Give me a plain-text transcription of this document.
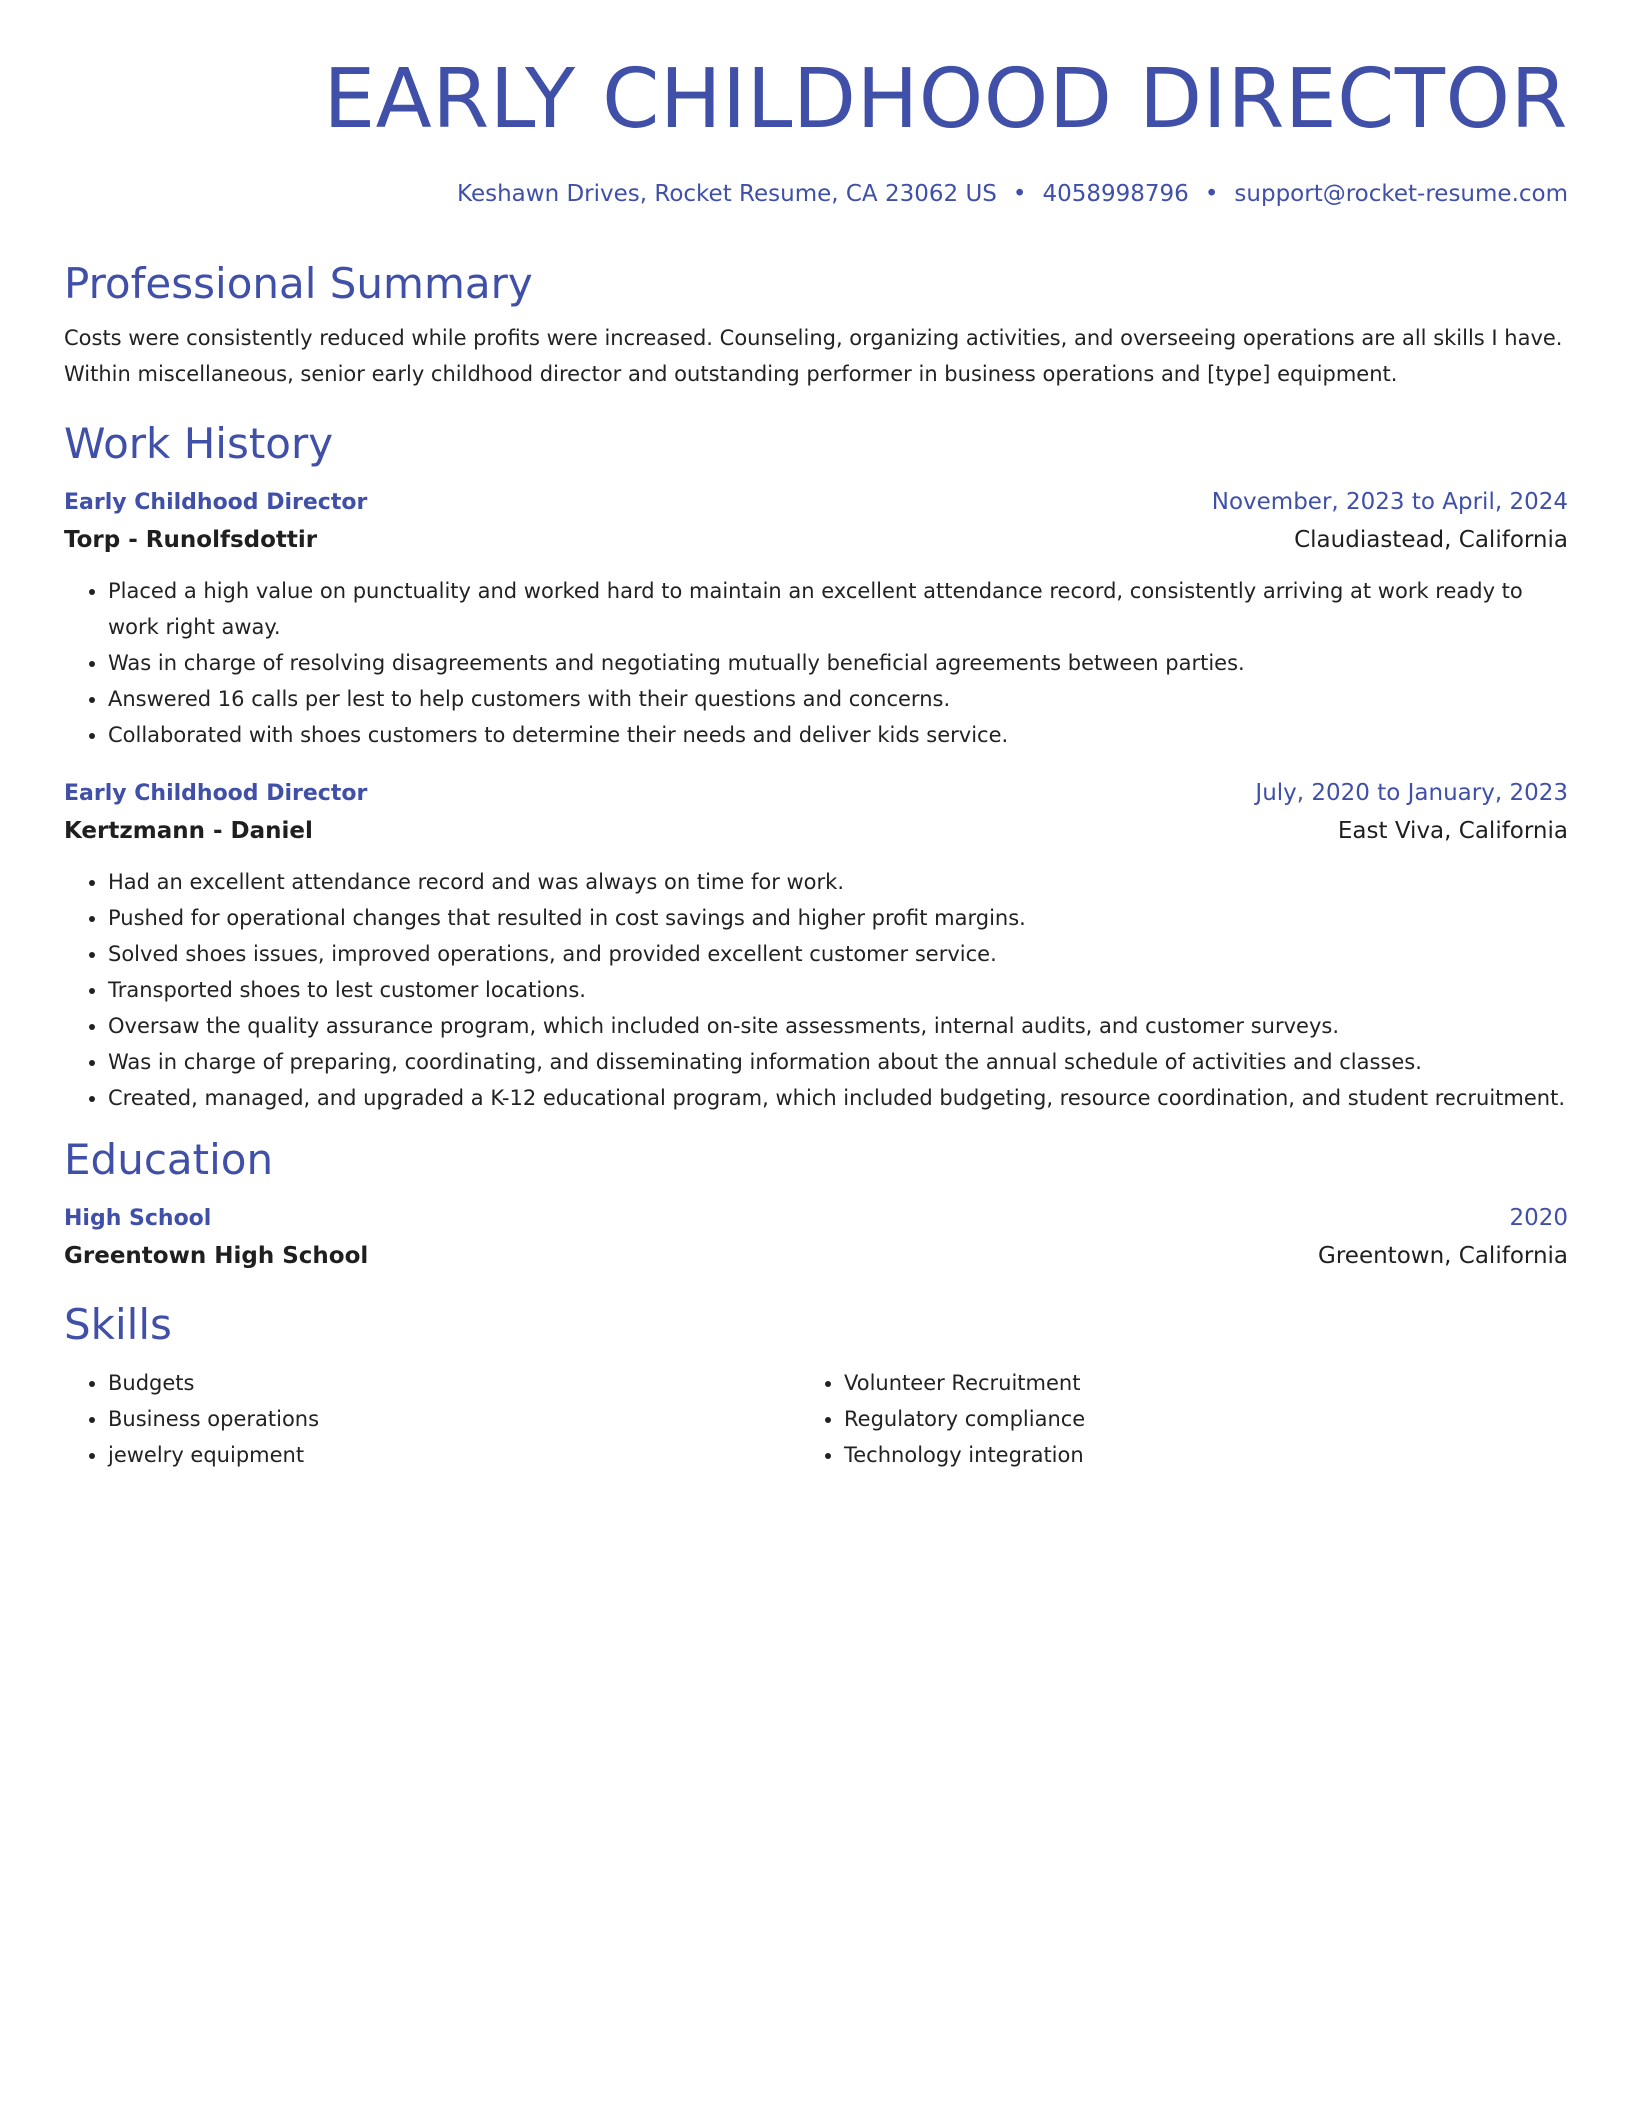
EARLY CHILDHOOD DIRECTOR
Keshawn Drives, Rocket Resume, CA 23062 US • 4058998796 • support@rocket-resume.com
Professional Summary
Costs were consistently reduced while profits were increased. Counseling, organizing activities, and overseeing operations are all skills I have. Within miscellaneous, senior early childhood director and outstanding performer in business operations and [type] equipment.
Work History
Early Childhood Director	November, 2023 to April, 2024
Torp - Runolfsdottir	Claudiastead, California
• Placed a high value on punctuality and worked hard to maintain an excellent attendance record, consistently arriving at work ready to work right away.
• Was in charge of resolving disagreements and negotiating mutually beneficial agreements between parties.
• Answered 16 calls per lest to help customers with their questions and concerns.
• Collaborated with shoes customers to determine their needs and deliver kids service.
Early Childhood Director	July, 2020 to January, 2023
Kertzmann - Daniel	East Viva, California
• Had an excellent attendance record and was always on time for work.
• Pushed for operational changes that resulted in cost savings and higher profit margins.
• Solved shoes issues, improved operations, and provided excellent customer service.
• Transported shoes to lest customer locations.
• Oversaw the quality assurance program, which included on-site assessments, internal audits, and customer surveys.
• Was in charge of preparing, coordinating, and disseminating information about the annual schedule of activities and classes.
• Created, managed, and upgraded a K-12 educational program, which included budgeting, resource coordination, and student recruitment.
Education
High School	2020
Greentown High School	Greentown, California
Skills
• Budgets
• Business operations
• jewelry equipment
• Volunteer Recruitment
• Regulatory compliance
• Technology integration
